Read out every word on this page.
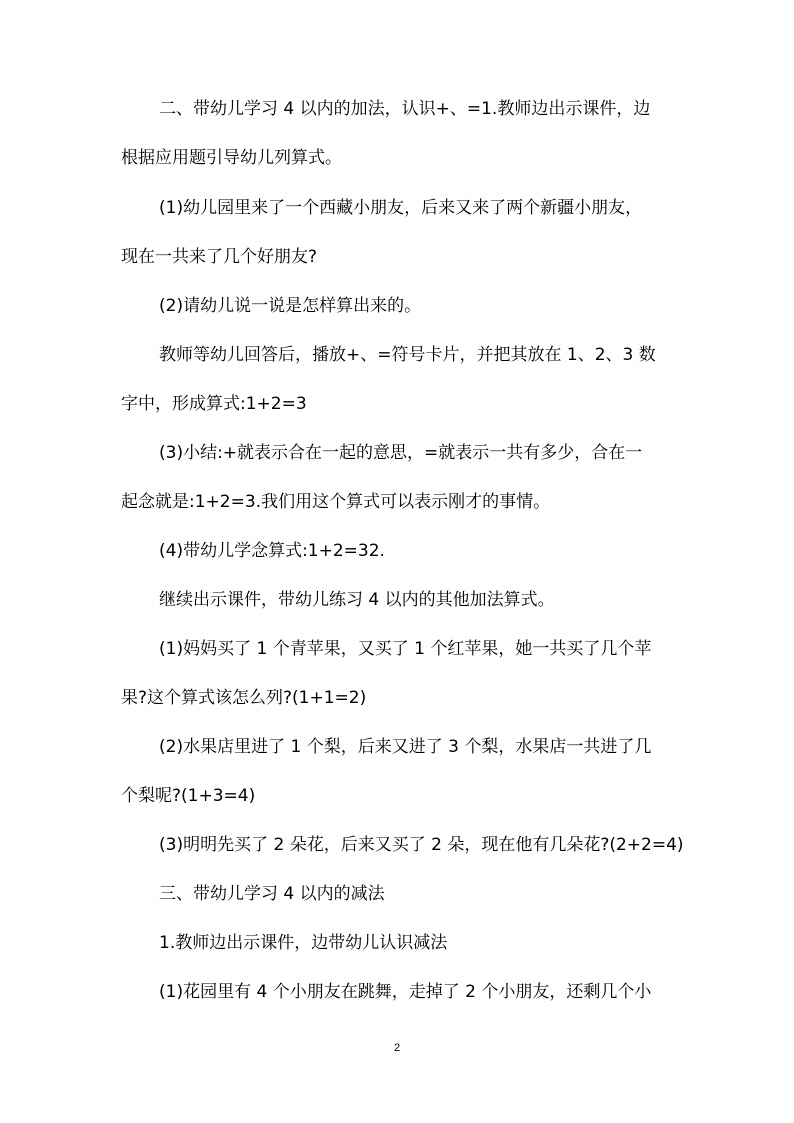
二、带幼儿学习 4 以内的加法，认识+、=1.教师边出示课件，边
根据应用题引导幼儿列算式。
(1)幼儿园里来了一个西藏小朋友，后来又来了两个新疆小朋友，
现在一共来了几个好朋友?
(2)请幼儿说一说是怎样算出来的。
教师等幼儿回答后，播放+、=符号卡片，并把其放在 1、2、3 数
字中，形成算式:1+2=3
(3)小结:+就表示合在一起的意思，=就表示一共有多少，合在一
起念就是:1+2=3.我们用这个算式可以表示刚才的事情。
(4)带幼儿学念算式:1+2=32.
继续出示课件，带幼儿练习 4 以内的其他加法算式。
(1)妈妈买了 1 个青苹果，又买了 1 个红苹果，她一共买了几个苹
果?这个算式该怎么列?(1+1=2)
(2)水果店里进了 1 个梨，后来又进了 3 个梨，水果店一共进了几
个梨呢?(1+3=4)
(3)明明先买了 2 朵花，后来又买了 2 朵，现在他有几朵花?(2+2=4)
三、带幼儿学习 4 以内的减法
1.教师边出示课件，边带幼儿认识减法
(1)花园里有 4 个小朋友在跳舞，走掉了 2 个小朋友，还剩几个小
2
